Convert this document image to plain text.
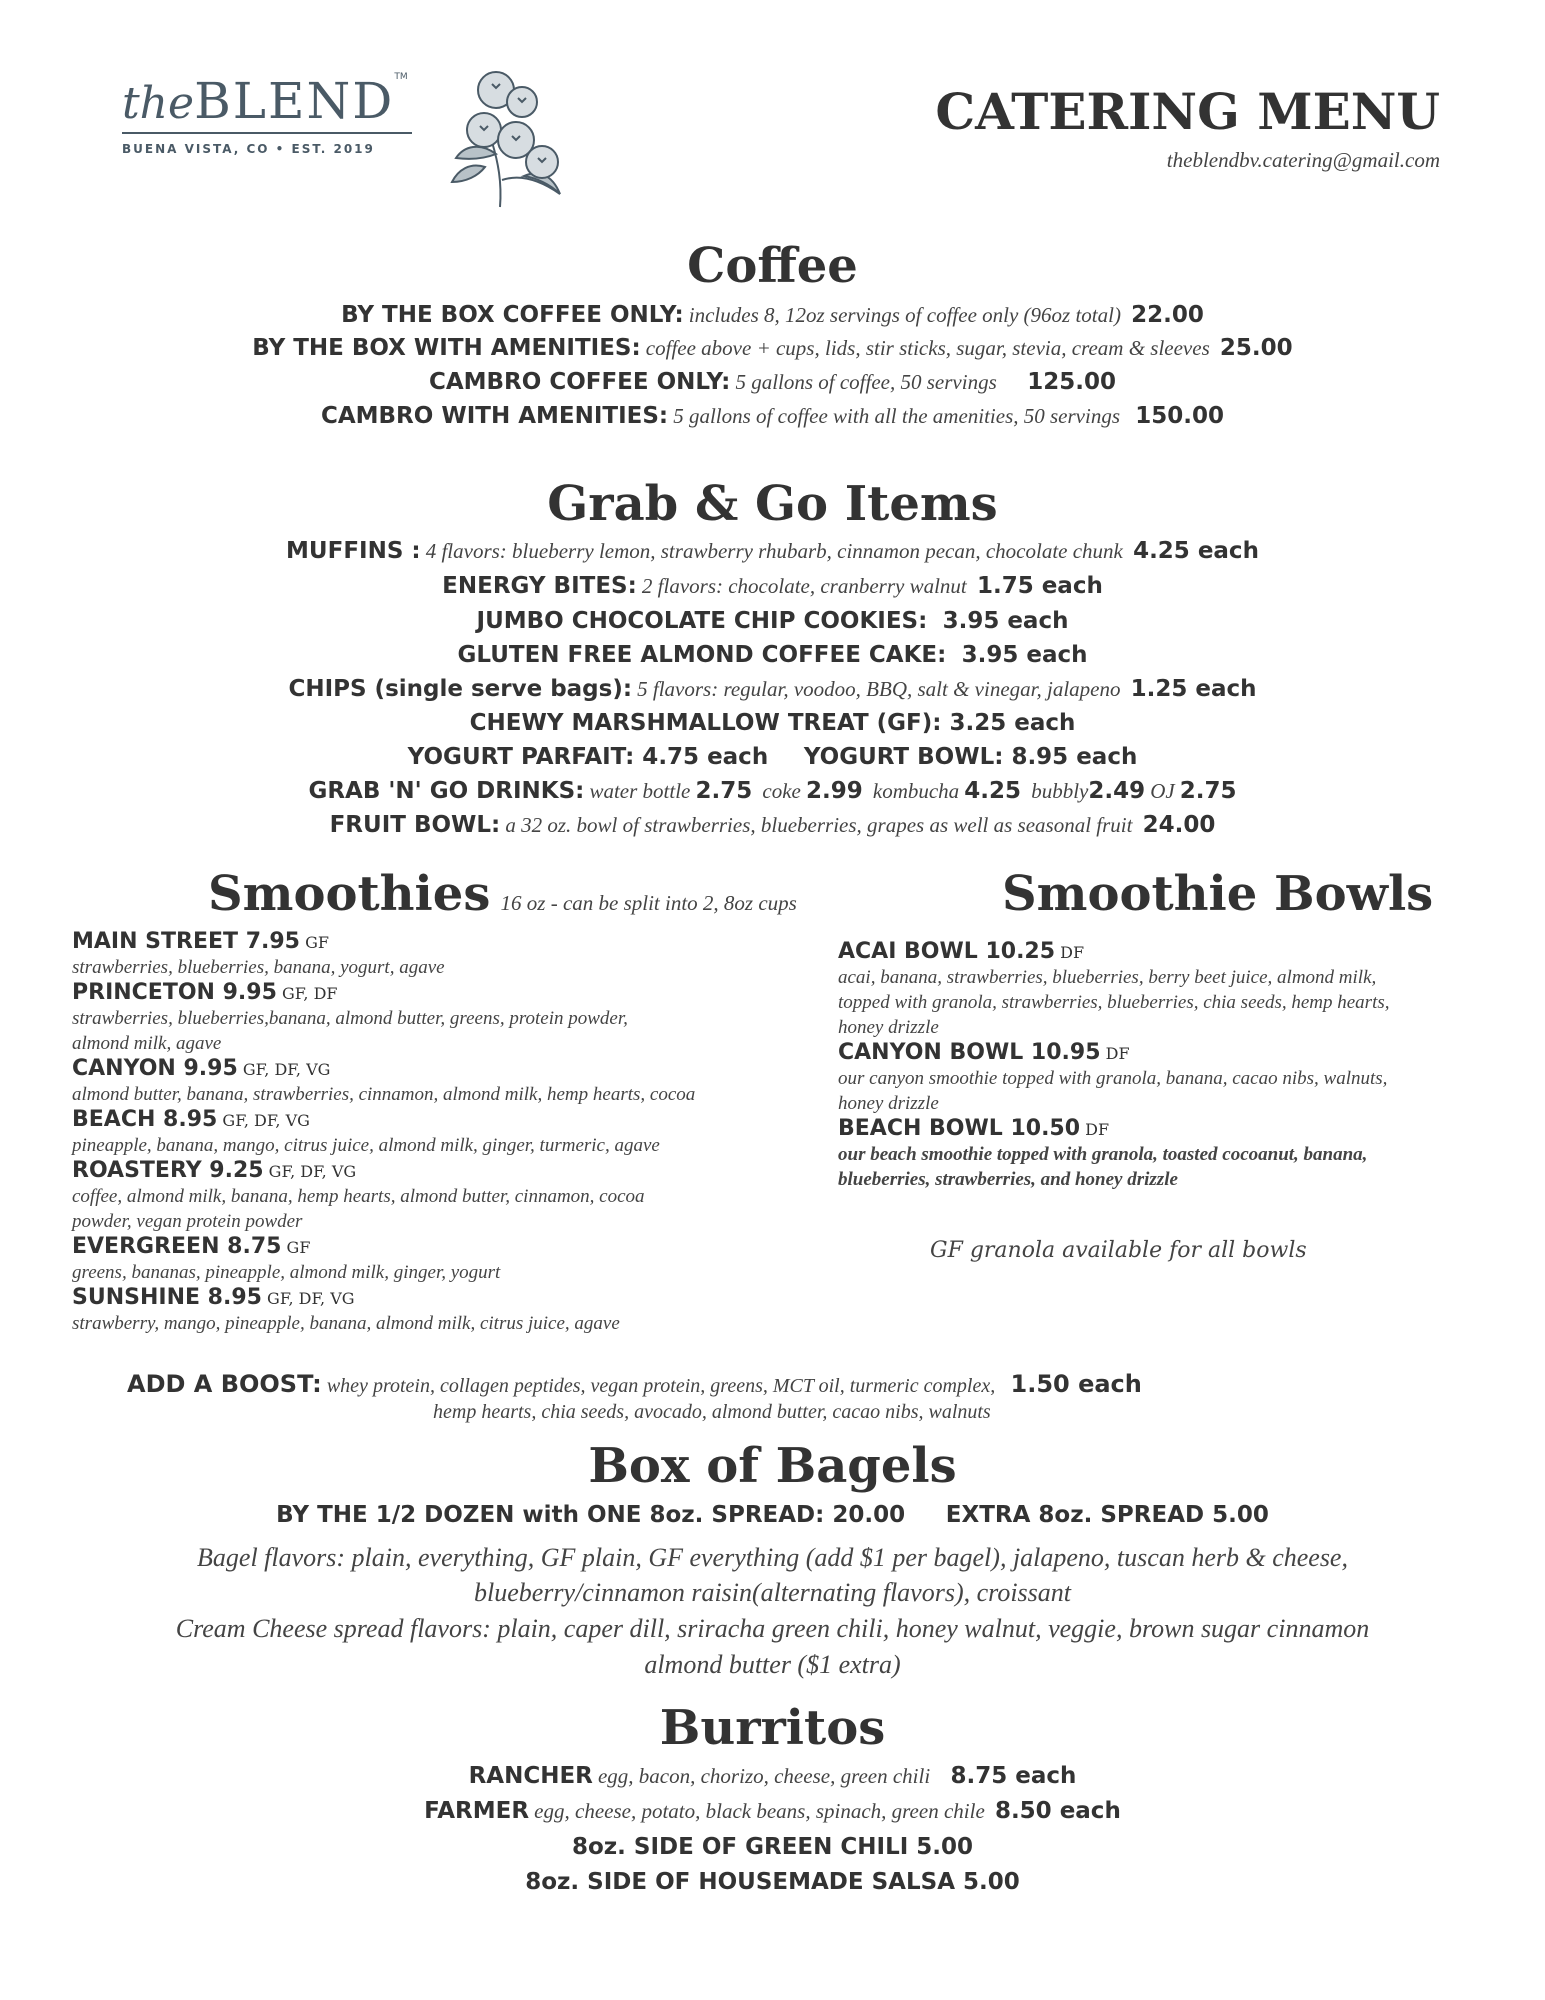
theBLEND™
BUENA VISTA, CO • EST. 2019
CATERING MENU
theblendbv.catering@gmail.com
Coffee
BY THE BOX COFFEE ONLY: includes 8, 12oz servings of coffee only (96oz total) 22.00
BY THE BOX WITH AMENITIES: coffee above + cups, lids, stir sticks, sugar, stevia, cream & sleeves 25.00
CAMBRO COFFEE ONLY: 5 gallons of coffee, 50 servings 125.00
CAMBRO WITH AMENITIES: 5 gallons of coffee with all the amenities, 50 servings 150.00
Grab & Go Items
MUFFINS : 4 flavors: blueberry lemon, strawberry rhubarb, cinnamon pecan, chocolate chunk 4.25 each
ENERGY BITES: 2 flavors: chocolate, cranberry walnut 1.75 each
JUMBO CHOCOLATE CHIP COOKIES: 3.95 each
GLUTEN FREE ALMOND COFFEE CAKE: 3.95 each
CHIPS (single serve bags): 5 flavors: regular, voodoo, BBQ, salt & vinegar, jalapeno 1.25 each
CHEWY MARSHMALLOW TREAT (GF): 3.25 each
YOGURT PARFAIT: 4.75 each YOGURT BOWL: 8.95 each
GRAB 'N' GO DRINKS: water bottle 2.75 coke 2.99 kombucha 4.25 bubbly2.49 OJ 2.75
FRUIT BOWL: a 32 oz. bowl of strawberries, blueberries, grapes as well as seasonal fruit 24.00
Smoothies 16 oz - can be split into 2, 8oz cups
MAIN STREET 7.95 GF
strawberries, blueberries, banana, yogurt, agave
PRINCETON 9.95 GF, DF
strawberries, blueberries,banana, almond butter, greens, protein powder,
almond milk, agave
CANYON 9.95 GF, DF, VG
almond butter, banana, strawberries, cinnamon, almond milk, hemp hearts, cocoa
BEACH 8.95 GF, DF, VG
pineapple, banana, mango, citrus juice, almond milk, ginger, turmeric, agave
ROASTERY 9.25 GF, DF, VG
coffee, almond milk, banana, hemp hearts, almond butter, cinnamon, cocoa
powder, vegan protein powder
EVERGREEN 8.75 GF
greens, bananas, pineapple, almond milk, ginger, yogurt
SUNSHINE 8.95 GF, DF, VG
strawberry, mango, pineapple, banana, almond milk, citrus juice, agave
Smoothie Bowls
ACAI BOWL 10.25 DF
acai, banana, strawberries, blueberries, berry beet juice, almond milk,
topped with granola, strawberries, blueberries, chia seeds, hemp hearts,
honey drizzle
CANYON BOWL 10.95 DF
our canyon smoothie topped with granola, banana, cacao nibs, walnuts,
honey drizzle
BEACH BOWL 10.50 DF
our beach smoothie topped with granola, toasted cocoanut, banana,
blueberries, strawberries, and honey drizzle
GF granola available for all bowls
ADD A BOOST: whey protein, collagen peptides, vegan protein, greens, MCT oil, turmeric complex, 1.50 each
hemp hearts, chia seeds, avocado, almond butter, cacao nibs, walnuts
Box of Bagels
BY THE 1/2 DOZEN with ONE 8oz. SPREAD: 20.00 EXTRA 8oz. SPREAD 5.00
Bagel flavors: plain, everything, GF plain, GF everything (add $1 per bagel), jalapeno, tuscan herb & cheese,
blueberry/cinnamon raisin(alternating flavors), croissant
Cream Cheese spread flavors: plain, caper dill, sriracha green chili, honey walnut, veggie, brown sugar cinnamon
almond butter ($1 extra)
Burritos
RANCHER egg, bacon, chorizo, cheese, green chili 8.75 each
FARMER egg, cheese, potato, black beans, spinach, green chile 8.50 each
8oz. SIDE OF GREEN CHILI 5.00
8oz. SIDE OF HOUSEMADE SALSA 5.00
